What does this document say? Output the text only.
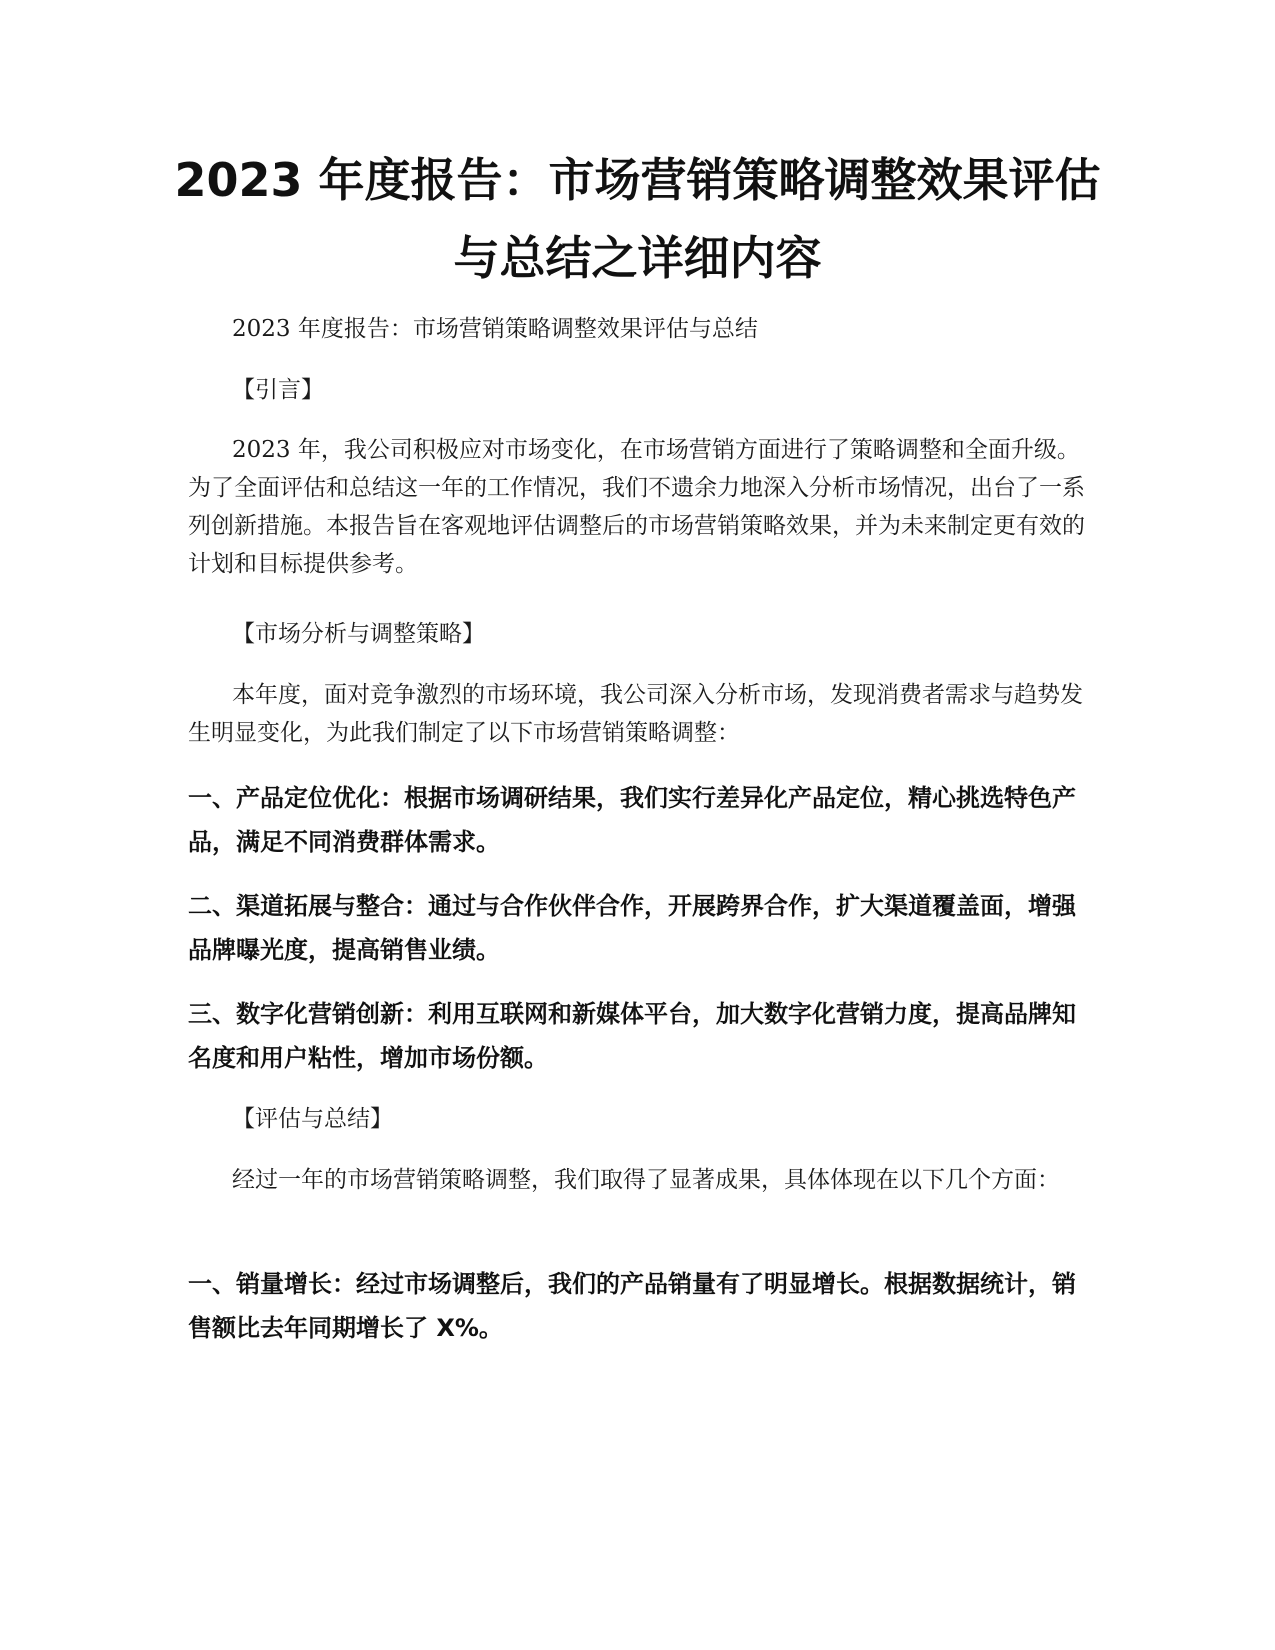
2023 年度报告：市场营销策略调整效果评估
与总结之详细内容

2023 年度报告：市场营销策略调整效果评估与总结

【引言】

2023 年，我公司积极应对市场变化，在市场营销方面进行了策略调整和全面升级。为了全面评估和总结这一年的工作情况，我们不遗余力地深入分析市场情况，出台了一系列创新措施。本报告旨在客观地评估调整后的市场营销策略效果，并为未来制定更有效的计划和目标提供参考。

【市场分析与调整策略】

本年度，面对竞争激烈的市场环境，我公司深入分析市场，发现消费者需求与趋势发生明显变化，为此我们制定了以下市场营销策略调整：

一、产品定位优化：根据市场调研结果，我们实行差异化产品定位，精心挑选特色产品，满足不同消费群体需求。

二、渠道拓展与整合：通过与合作伙伴合作，开展跨界合作，扩大渠道覆盖面，增强品牌曝光度，提高销售业绩。

三、数字化营销创新：利用互联网和新媒体平台，加大数字化营销力度，提高品牌知名度和用户粘性，增加市场份额。

【评估与总结】

经过一年的市场营销策略调整，我们取得了显著成果，具体体现在以下几个方面：

一、销量增长：经过市场调整后，我们的产品销量有了明显增长。根据数据统计，销售额比去年同期增长了 X%。
